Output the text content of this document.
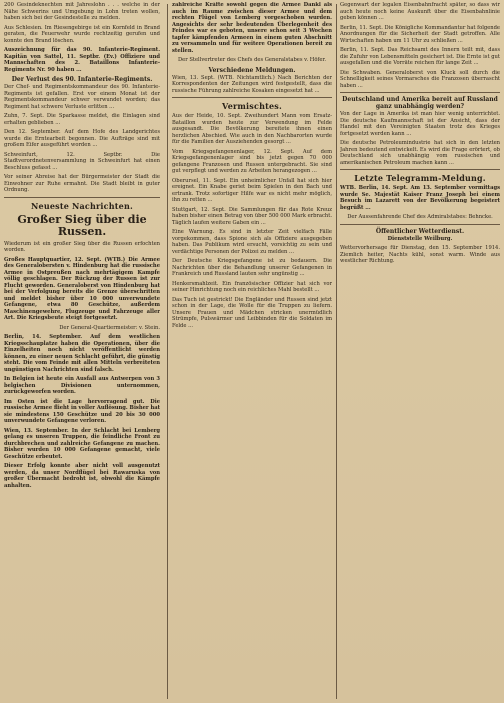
200 Gesindeknechten mit Jahreslohn . . . welche in der Nähe Schwerins und Umgebung in Lohn treten wollen, haben sich bei der Gesindestelle zu melden.

Aus Schlesien. Im Riesengebirge ist ein Kornfeld in Brand geraten, die Feuerwehr wurde rechtzeitig gerufen und konnte den Brand löschen.

Auszeichnung für das 90. Infanterie-Regiment. Kapitän von Sattel, 11. Septbr. (Ev.) Offiziere und Mannschaften des 2. Bataillons Infanterie-Regiments Nr. 90 haben ...

Der Verlust des 90. Infanterie-Regiments.

Der Chef- und Regimentskommandeur des 90. Infanterie-Regiments ist gefallen. Erst vor einem Monat ist der Regimentskommandeur schwer verwundet worden; das Regiment hat schwere Verluste erlitten ...

Zuhn, 7. Sept. Die Sparkasse meldet, die Einlagen sind erhalten geblieben ...

Den 12. September. Auf dem Hofe des Landgerichtes wurde die Erntearbeit begonnen. Die Aufträge sind mit großem Eifer ausgeführt worden ...

Schweinfurt, 12. Septbr. Die Stadtverordnetenversammlung in Schweinfurt hat einen Beschluss gefasst ...

Vor seiner Abreise hat der Bürgermeister der Stadt die Einwohner zur Ruhe ermahnt. Die Stadt bleibt in guter Ordnung.

Neueste Nachrichten.
Großer Sieg über die Russen.

Wiederum ist ein großer Sieg über die Russen erfochten worden.

Großes Hauptquartier, 12. Sept. (WTB.) Die Armee des Generalobersten v. Hindenburg hat die russische Armee in Ostpreußen nach mehrtägigem Kampfe völlig geschlagen. Der Rückzug der Russen ist zur Flucht geworden. Generaloberst von Hindenburg hat bei der Verfolgung bereits die Grenze überschritten und meldet bisher über 10 000 unverwundete Gefangene, etwa 80 Geschütze, außerdem Maschinengewehre, Flugzeuge und Fahrzeuge aller Art. Die Kriegsbeute steigt fortgesetzt.

Der General-Quartiermeister: v. Stein.

Berlin, 14. September. Auf dem westlichen Kriegsschauplatze haben die Operationen, über die Einzelheiten noch nicht veröffentlicht werden können, zu einer neuen Schlacht geführt, die günstig steht. Die vom Feinde mit allen Mitteln verbreiteten ungünstigen Nachrichten sind falsch.

In Belgien ist heute ein Ausfall aus Antwerpen von 3 belgischen Divisionen unternommen, zurückgeworfen worden.

Im Osten ist die Lage hervorragend gut. Die russische Armee flieht in voller Auflösung. Bisher hat sie mindestens 150 Geschütze und 20 bis 30 000 unverwundete Gefangene verloren.

Wien, 13. September. In der Schlacht bei Lemberg gelang es unseren Truppen, die feindliche Front zu durchbrechen und zahlreiche Gefangene zu machen. Bisher wurden 10 000 Gefangene gemacht, viele Geschütze erbeutet.

Dieser Erfolg konnte aber nicht voll ausgenutzt werden, da unser Nordflügel bei Rawaruska von großer Übermacht bedroht ist, obwohl die Kämpfe anhalten.

zahlreiche Kräfte sowohl gegen die Armee Dankl als auch im Raume zwischen dieser Armee und dem rechten Flügel von Lemberg vorgeschoben wurden. Angesichts der sehr bedeutenden Überlegenheit des Feindes war es geboten, unsere schon seit 3 Wochen tapfer kämpfenden Armeen in einem guten Abschnitt zu versammeln und für weitere Operationen bereit zu stellen.

Der Stellvertreter des Chefs des Generalstabes v. Höfer.

Verschiedene Meldungen.

Wien, 13. Sept. (WTB. Nichtamtlich.) Nach Berichten der Korrespondenten der Zeitungen wird festgestellt, dass die russische Führung zahlreiche Kosaken eingesetzt hat ...

Vermischtes.

Aus der Heide, 10. Sept. Zweihundert Mann vom Ersatz-Bataillon wurden heute zur Verwendung im Felde ausgesandt. Die Bevölkerung bereitete ihnen einen herzlichen Abschied. Wie auch in den Nachbarorten wurde für die Familien der Ausziehenden gesorgt ...

Vom Kriegsgefangenenlager, 12. Sept. Auf dem Kriegsgefangenenlager sind bis jetzt gegen 70 000 gefangene Franzosen und Russen untergebracht. Sie sind gut verpflegt und werden zu Arbeiten herangezogen ...

Oberursel, 11. Sept. Ein unheimlicher Unfall hat sich hier ereignet. Ein Knabe geriet beim Spielen in den Bach und ertrank. Trotz sofortiger Hilfe war es nicht mehr möglich, ihn zu retten ...

Stuttgart, 12. Sept. Die Sammlungen für das Rote Kreuz haben bisher einen Betrag von über 500 000 Mark erbracht. Täglich laufen weitere Gaben ein ...

Eine Warnung. Es sind in letzter Zeit vielfach Fälle vorgekommen, dass Spione sich als Offiziere ausgegeben haben. Das Publikum wird ersucht, vorsichtig zu sein und verdächtige Personen der Polizei zu melden ...

Der Deutsche Kriegsgefangene ist zu bedauern. Die Nachrichten über die Behandlung unserer Gefangenen in Frankreich und Russland lauten sehr ungünstig ...

Henkersmahlzeit. Ein französischer Offizier hat sich vor seiner Hinrichtung noch ein reichliches Mahl bestellt ...

Das Tuch ist gestrickt! Die Engländer und Russen sind jetzt schon in der Lage, die Wolle für die Truppen zu liefern. Unsere Frauen und Mädchen stricken unermüdlich Strümpfe, Pulswärmer und Leibbinden für die Soldaten im Felde ...

Gegenwart der legalen Eisenbahnfracht später, so dass wir auch heute noch keine Auskunft über die Eisenbahnlinie geben können ...

Berlin, 11. Sept. Die Königliche Kommandantur hat folgende Anordnungen für die Sicherheit der Stadt getroffen. Alle Wirtschaften haben um 11 Uhr zu schließen ...

Berlin, 11. Sept. Das Reichsamt des Innern teilt mit, dass die Zufuhr von Lebensmitteln gesichert ist. Die Ernte ist gut ausgefallen und die Vorräte reichen für lange Zeit ...

Die Schwaben. Generaloberst von Kluck soll durch die Schnelligkeit seines Vormarsches die Franzosen überrascht haben ...

Deutschland und Amerika bereit auf Russland ganz unabhängig werden?

Von der Lage in Amerika ist man hier wenig unterrichtet. Die deutsche Kaufmannschaft ist der Ansicht, dass der Handel mit den Vereinigten Staaten trotz des Krieges fortgesetzt werden kann ...

Die deutsche Petroleumindustrie hat sich in den letzten Jahren bedeutend entwickelt. Es wird die Frage erörtert, ob Deutschland sich unabhängig vom russischen und amerikanischen Petroleum machen kann ...

Letzte Telegramm-Meldung.

WTB. Berlin, 14. Sept. Am 13. September vormittags wurde Se. Majestät Kaiser Franz Joseph bei einem Besuch im Lazarett von der Bevölkerung begeistert begrüßt ...

Der Aussenfahrende Chef des Admiralstabes: Behncke.

Öffentlicher Wetterdienst.

Dienststelle Weilburg.

Wettervorhersage für Dienstag, den 15. September 1914. Ziemlich heiter, Nachts kühl, sonst warm. Winde aus westlicher Richtung.
